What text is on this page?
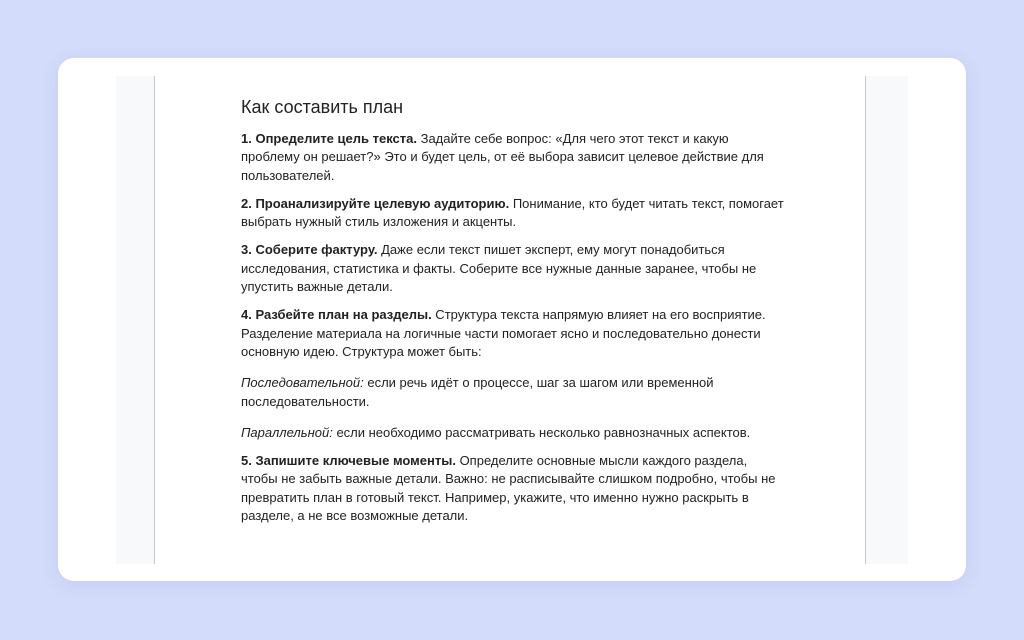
Как составить план

1. Определите цель текста. Задайте себе вопрос: «Для чего этот текст и какую проблему он решает?» Это и будет цель, от её выбора зависит целевое действие для пользователей.

2. Проанализируйте целевую аудиторию. Понимание, кто будет читать текст, помогает выбрать нужный стиль изложения и акценты.

3. Соберите фактуру. Даже если текст пишет эксперт, ему могут понадобиться исследования, статистика и факты. Соберите все нужные данные заранее, чтобы не упустить важные детали.

4. Разбейте план на разделы. Структура текста напрямую влияет на его восприятие. Разделение материала на логичные части помогает ясно и последовательно донести основную идею. Структура может быть:

Последовательной: если речь идёт о процессе, шаг за шагом или временной последовательности.

Параллельной: если необходимо рассматривать несколько равнозначных аспектов.

5. Запишите ключевые моменты. Определите основные мысли каждого раздела, чтобы не забыть важные детали. Важно: не расписывайте слишком подробно, чтобы не превратить план в готовый текст. Например, укажите, что именно нужно раскрыть в разделе, а не все возможные детали.
